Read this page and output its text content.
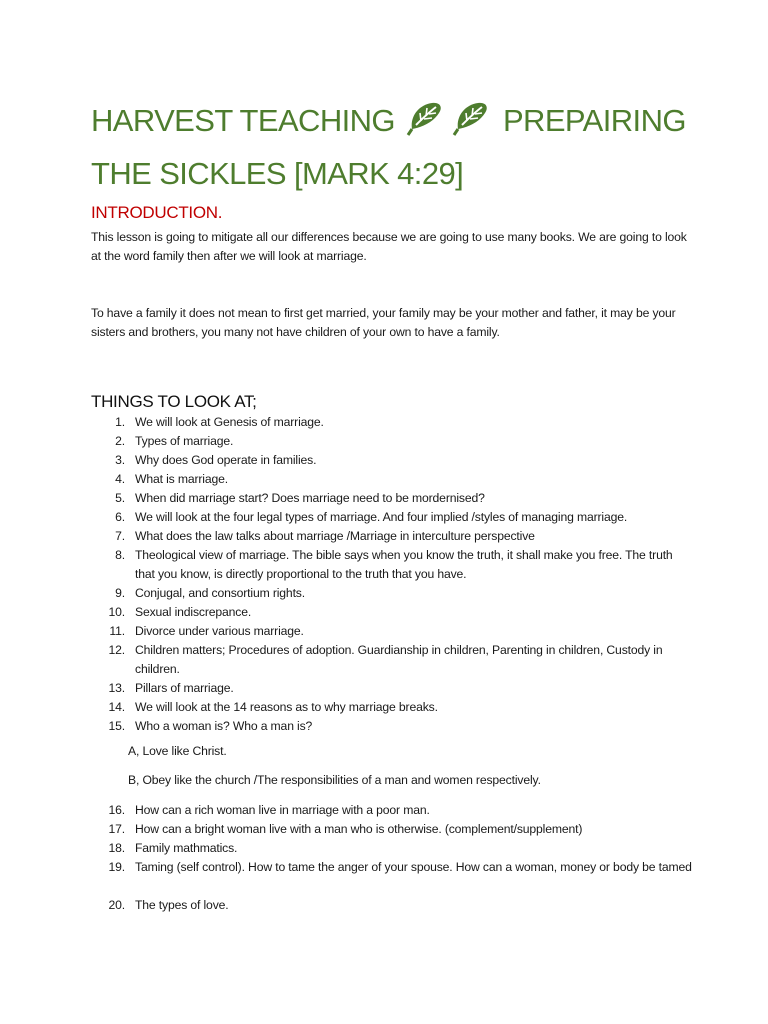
HARVEST TEACHING	PREPAIRING
THE SICKLES [MARK 4:29]
INTRODUCTION.
This lesson is going to mitigate all our differences because we are going to use many books. We are going to look at the word family then after we will look at marriage.
To have a family it does not mean to first get married, your family may be your mother and father, it may be your sisters and brothers, you many not have children of your own to have a family.
THINGS TO LOOK AT;
1. We will look at Genesis of marriage.
2. Types of marriage.
3. Why does God operate in families.
4. What is marriage.
5. When did marriage start? Does marriage need to be mordernised?
6. We will look at the four legal types of marriage. And four implied /styles of managing marriage.
7. What does the law talks about marriage /Marriage in interculture perspective
8. Theological view of marriage. The bible says when you know the truth, it shall make you free. The truth that you know, is directly proportional to the truth that you have.
9. Conjugal, and consortium rights.
10. Sexual indiscrepance.
11. Divorce under various marriage.
12. Children matters; Procedures of adoption. Guardianship in children, Parenting in children, Custody in children.
13. Pillars of marriage.
14. We will look at the 14 reasons as to why marriage breaks.
15. Who a woman is? Who a man is?
A, Love like Christ.
B, Obey like the church /The responsibilities of a man and women respectively.
16. How can a rich woman live in marriage with a poor man.
17. How can a bright woman live with a man who is otherwise. (complement/supplement)
18. Family mathmatics.
19. Taming (self control). How to tame the anger of your spouse. How can a woman, money or body be tamed
20. The types of love.
